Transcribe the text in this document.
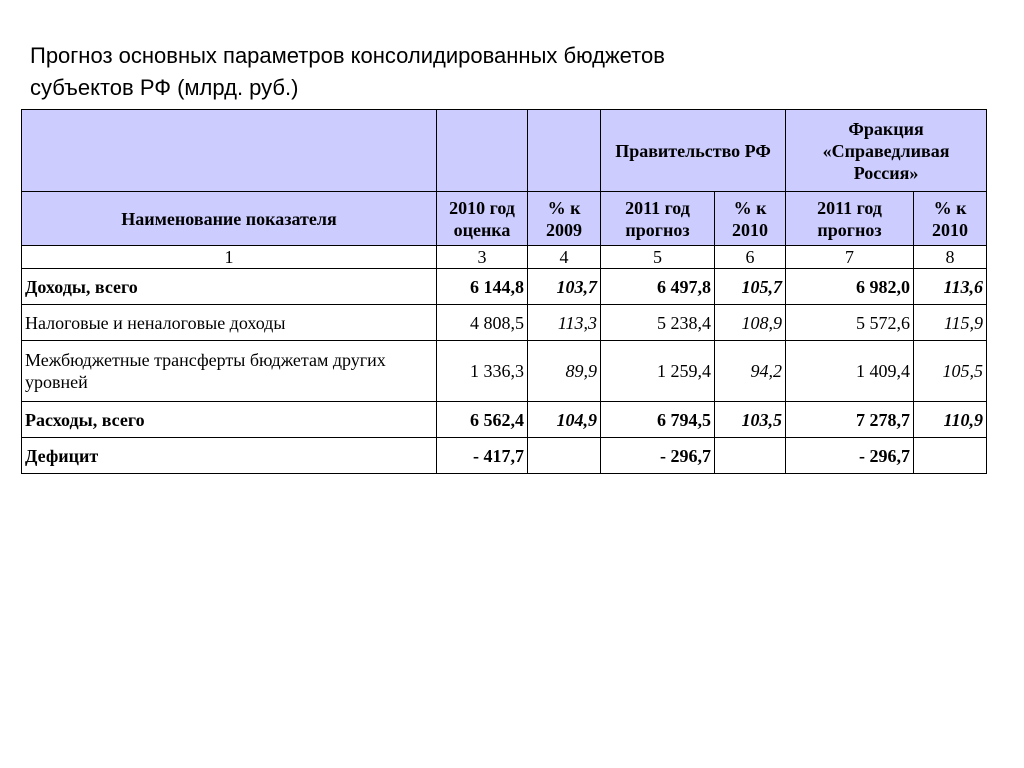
Прогноз основных параметров консолидированных бюджетов
субъектов РФ (млрд. руб.)
			Правительство РФ		Фракция «Справедливая Россия»	
Наименование показателя	2010 год оценка	% к 2009	2011 год прогноз	% к 2010	2011 год прогноз	% к 2010
1	3	4	5	6	7	8
Доходы, всего	6 144,8	103,7	6 497,8	105,7	6 982,0	113,6
Налоговые и неналоговые доходы	4 808,5	113,3	5 238,4	108,9	5 572,6	115,9
Межбюджетные трансферты бюджетам других уровней	1 336,3	89,9	1 259,4	94,2	1 409,4	105,5
Расходы, всего	6 562,4	104,9	6 794,5	103,5	7 278,7	110,9
Дефицит	- 417,7		- 296,7		- 296,7	
